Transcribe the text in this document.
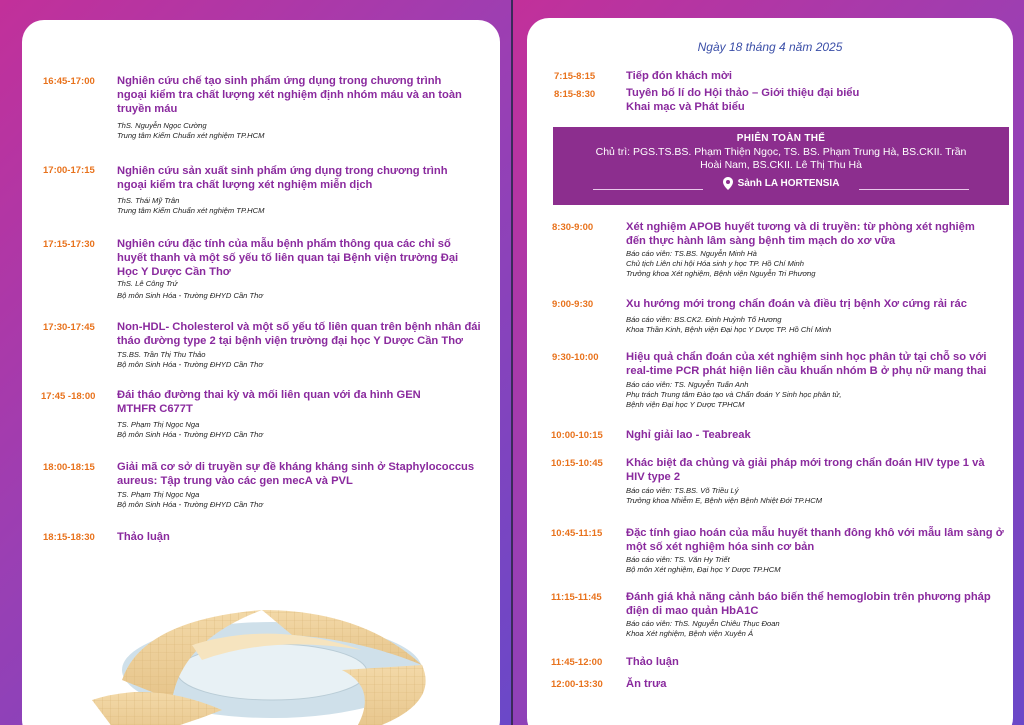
16:45-17:00 Nghiên cứu chế tạo sinh phẩm ứng dụng trong chương trình ngoại kiểm tra chất lượng xét nghiệm định nhóm máu và an toàn truyền máu
ThS. Nguyễn Ngọc Cường
Trung tâm Kiểm Chuẩn xét nghiệm TP.HCM
17:00-17:15 Nghiên cứu sản xuất sinh phẩm ứng dụng trong chương trình ngoại kiểm tra chất lượng xét nghiệm miễn dịch
ThS. Thái Mỹ Trân
Trung tâm Kiểm Chuẩn xét nghiệm TP.HCM
17:15-17:30 Nghiên cứu đặc tính của mẫu bệnh phẩm thông qua các chỉ số huyết thanh và một số yếu tố liên quan tại Bệnh viện trường Đại Học Y Dược Cần Thơ
ThS. Lê Công Trứ
Bộ môn Sinh Hóa - Trường ĐHYD Cần Thơ
17:30-17:45 Non-HDL- Cholesterol và một số yếu tố liên quan trên bệnh nhân đái tháo đường type 2 tại bệnh viện trường đại học Y Dược Cần Thơ
TS.BS. Trần Thị Thu Thảo
Bộ môn Sinh Hóa - Trường ĐHYD Cần Thơ
17:45 -18:00 Đái tháo đường thai kỳ và mối liên quan với đa hình GEN MTHFR C677T
TS. Phạm Thị Ngọc Nga
Bộ môn Sinh Hóa - Trường ĐHYD Cần Thơ
18:00-18:15 Giải mã cơ sở di truyền sự đề kháng kháng sinh ở Staphylococcus aureus: Tập trung vào các gen mecA và PVL
TS. Phạm Thị Ngọc Nga
Bộ môn Sinh Hóa - Trường ĐHYD Cần Thơ
18:15-18:30 Thảo luận
Ngày 18 tháng 4 năm 2025
7:15-8:15	Tiếp đón khách mời
8:15-8:30	Tuyên bố lí do Hội thảo – Giới thiệu đại biểu Khai mạc và Phát biểu
PHIÊN TOÀN THỂ
Chủ trì: PGS.TS.BS. Phạm Thiện Ngọc, TS. BS. Phạm Trung Hà, BS.CKII. Trần Hoài Nam, BS.CKII. Lê Thị Thu Hà
Sảnh LA HORTENSIA
8:30-9:00	Xét nghiệm APOB huyết tương và di truyền: từ phòng xét nghiệm đến thực hành lâm sàng bệnh tim mạch do xơ vữa
Báo cáo viên: TS.BS. Nguyễn Minh Hà
Chủ tịch Liên chi hội Hóa sinh y học TP. Hồ Chí Minh
Trưởng khoa Xét nghiệm, Bệnh viện Nguyễn Tri Phương
9:00-9:30	Xu hướng mới trong chẩn đoán và điều trị bệnh Xơ cứng rải rác
Báo cáo viên: BS.CK2. Đinh Huỳnh Tố Hương
Khoa Thần Kinh, Bệnh viện Đại học Y Dược TP. Hồ Chí Minh
9:30-10:00 Hiệu quả chẩn đoán của xét nghiệm sinh học phân tử tại chỗ so với real-time PCR phát hiện liên cầu khuẩn nhóm B ở phụ nữ mang thai
Báo cáo viên: TS. Nguyễn Tuấn Anh
Phụ trách Trung tâm Đào tạo và Chẩn đoán Y Sinh học phân tử,
Bệnh viện Đại học Y Dược TPHCM
10:00-10:15 Nghỉ giải lao - Teabreak
10:15-10:45 Khác biệt đa chủng và giải pháp mới trong chẩn đoán HIV type 1 và HIV type 2
Báo cáo viên: TS.BS. Võ Triều Lý
Trưởng khoa Nhiễm E, Bệnh viện Bệnh Nhiệt Đới TP.HCM
10:45-11:15 Đặc tính giao hoán của mẫu huyết thanh đông khô với mẫu lâm sàng ở một số xét nghiệm hóa sinh cơ bản
Báo cáo viên: TS. Văn Hy Triết
Bộ môn Xét nghiệm, Đại học Y Dược TP.HCM
11:15-11:45 Đánh giá khả năng cảnh báo biến thể hemoglobin trên phương pháp điện di mao quản HbA1C
Báo cáo viên: ThS. Nguyễn Chiêu Thục Đoan
Khoa Xét nghiệm, Bệnh viện Xuyên Á
11:45-12:00 Thảo luận
12:00-13:30 Ăn trưa
